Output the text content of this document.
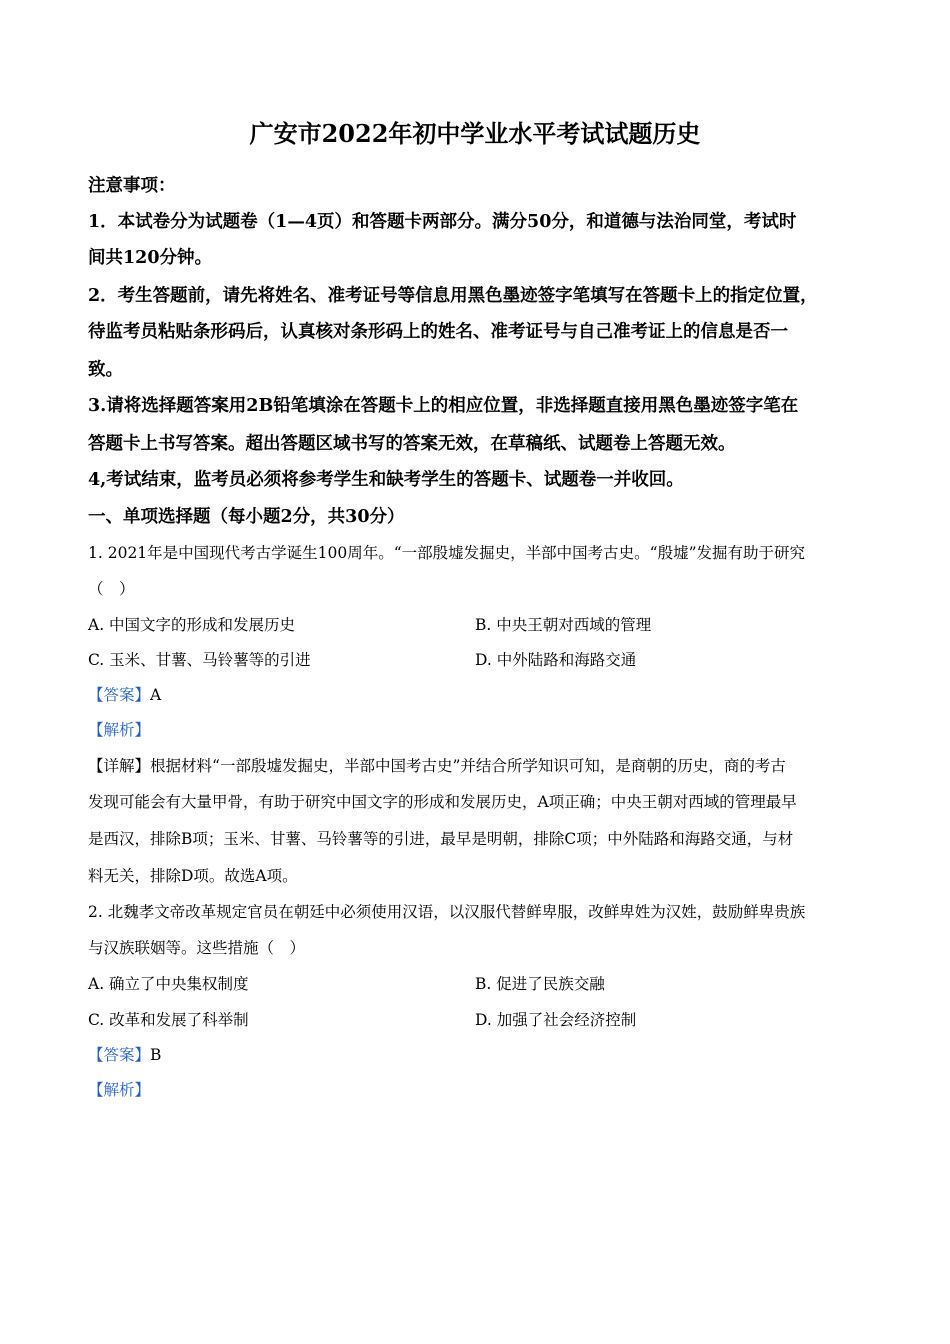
广安市2022年初中学业水平考试试题历史
注意事项：
1．本试卷分为试题卷（1—4页）和答题卡两部分。满分50分，和道德与法治同堂，考试时
间共120分钟。
2．考生答题前，请先将姓名、准考证号等信息用黑色墨迹签字笔填写在答题卡上的指定位置，
待监考员粘贴条形码后，认真核对条形码上的姓名、准考证号与自己准考证上的信息是否一
致。
3.请将选择题答案用2B铅笔填涂在答题卡上的相应位置，非选择题直接用黑色墨迹签字笔在
答题卡上书写答案。超出答题区域书写的答案无效，在草稿纸、试题卷上答题无效。
4,考试结束，监考员必须将参考学生和缺考学生的答题卡、试题卷一并收回。
一、单项选择题（每小题2分，共30分）
1. 2021年是中国现代考古学诞生100周年。“一部殷墟发掘史，半部中国考古史。“殷墟”发掘有助于研究
（　）
A. 中国文字的形成和发展历史	B. 中央王朝对西域的管理
C. 玉米、甘薯、马铃薯等的引进	D. 中外陆路和海路交通
【答案】A
【解析】
【详解】根据材料“一部殷墟发掘史，半部中国考古史”并结合所学知识可知，是商朝的历史，商的考古
发现可能会有大量甲骨，有助于研究中国文字的形成和发展历史，A项正确；中央王朝对西域的管理最早
是西汉，排除B项；玉米、甘薯、马铃薯等的引进，最早是明朝，排除C项；中外陆路和海路交通，与材
料无关，排除D项。故选A项。
2. 北魏孝文帝改革规定官员在朝廷中必须使用汉语，以汉服代替鲜卑服，改鲜卑姓为汉姓，鼓励鲜卑贵族
与汉族联姻等。这些措施（　）
A. 确立了中央集权制度	B. 促进了民族交融
C. 改革和发展了科举制	D. 加强了社会经济控制
【答案】B
【解析】
